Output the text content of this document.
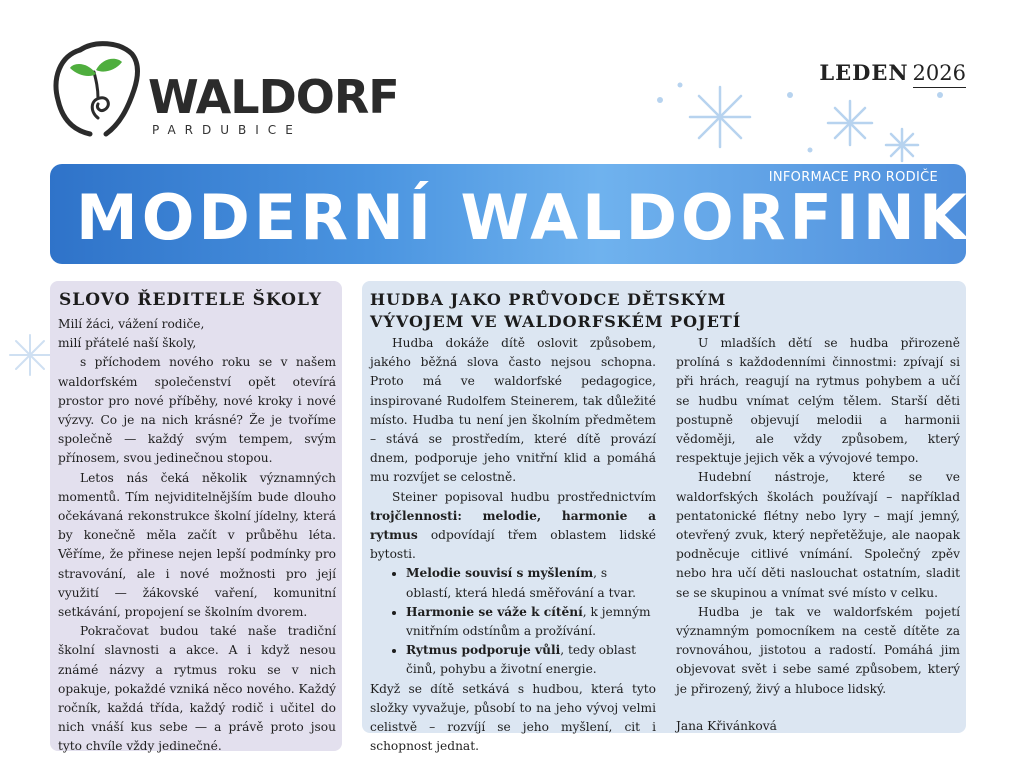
WALDORF
PARDUBICE
LEDEN 2026
INFORMACE PRO RODIČE
MODERNÍ WALDORFINKY
SLOVO ŘEDITELE ŠKOLY

Milí žáci, vážení rodiče,

milí přátelé naší školy,

s příchodem nového roku se v našem waldorfském společenství opět otevírá prostor pro nové příběhy, nové kroky i nové výzvy. Co je na nich krásné? Že je tvoříme společně — každý svým tempem, svým přínosem, svou jedinečnou stopou.

Letos nás čeká několik významných momentů. Tím nejviditelnějším bude dlouho očekávaná rekonstrukce školní jídelny, která by konečně měla začít v průběhu léta. Věříme, že přinese nejen lepší podmínky pro stravování, ale i nové možnosti pro její využití — žákovské vaření, komunitní setkávání, propojení se školním dvorem.

Pokračovat budou také naše tradiční školní slavnosti a akce. A i když nesou známé názvy a rytmus roku se v nich opakuje, pokaždé vzniká něco nového. Každý ročník, každá třída, každý rodič i učitel do nich vnáší kus sebe — a právě proto jsou tyto chvíle vždy jedinečné.

HUDBA JAKO PRŮVODCE DĚTSKÝM VÝVOJEM VE WALDORFSKÉM POJETÍ

Hudba dokáže dítě oslovit způsobem, jakého běžná slova často nejsou schopna. Proto má ve waldorfské pedagogice, inspirované Rudolfem Steinerem, tak důležité místo. Hudba tu není jen školním předmětem – stává se prostředím, které dítě provází dnem, podporuje jeho vnitřní klid a pomáhá mu rozvíjet se celostně.

Steiner popisoval hudbu prostřednictvím trojčlennosti: melodie, harmonie a rytmus odpovídají třem oblastem lidské bytosti.

• Melodie souvisí s myšlením, s oblastí, která hledá směřování a tvar.
• Harmonie se váže k cítění, k jemným vnitřním odstínům a prožívání.
• Rytmus podporuje vůli, tedy oblast činů, pohybu a životní energie.

Když se dítě setkává s hudbou, která tyto složky vyvažuje, působí to na jeho vývoj velmi celistvě – rozvíjí se jeho myšlení, cit i schopnost jednat.

U mladších dětí se hudba přirozeně prolíná s každodenními činnostmi: zpívají si při hrách, reagují na rytmus pohybem a učí se hudbu vnímat celým tělem. Starší děti postupně objevují melodii a harmonii vědoměji, ale vždy způsobem, který respektuje jejich věk a vývojové tempo.

Hudební nástroje, které se ve waldorfských školách používají – například pentatonické flétny nebo lyry – mají jemný, otevřený zvuk, který nepřetěžuje, ale naopak podněcuje citlivé vnímání. Společný zpěv nebo hra učí děti naslouchat ostatním, sladit se se skupinou a vnímat své místo v celku.

Hudba je tak ve waldorfském pojetí významným pomocníkem na cestě dítěte za rovnováhou, jistotou a radostí. Pomáhá jim objevovat svět i sebe samé způsobem, který je přirozený, živý a hluboce lidský.

Jana Křivánková
